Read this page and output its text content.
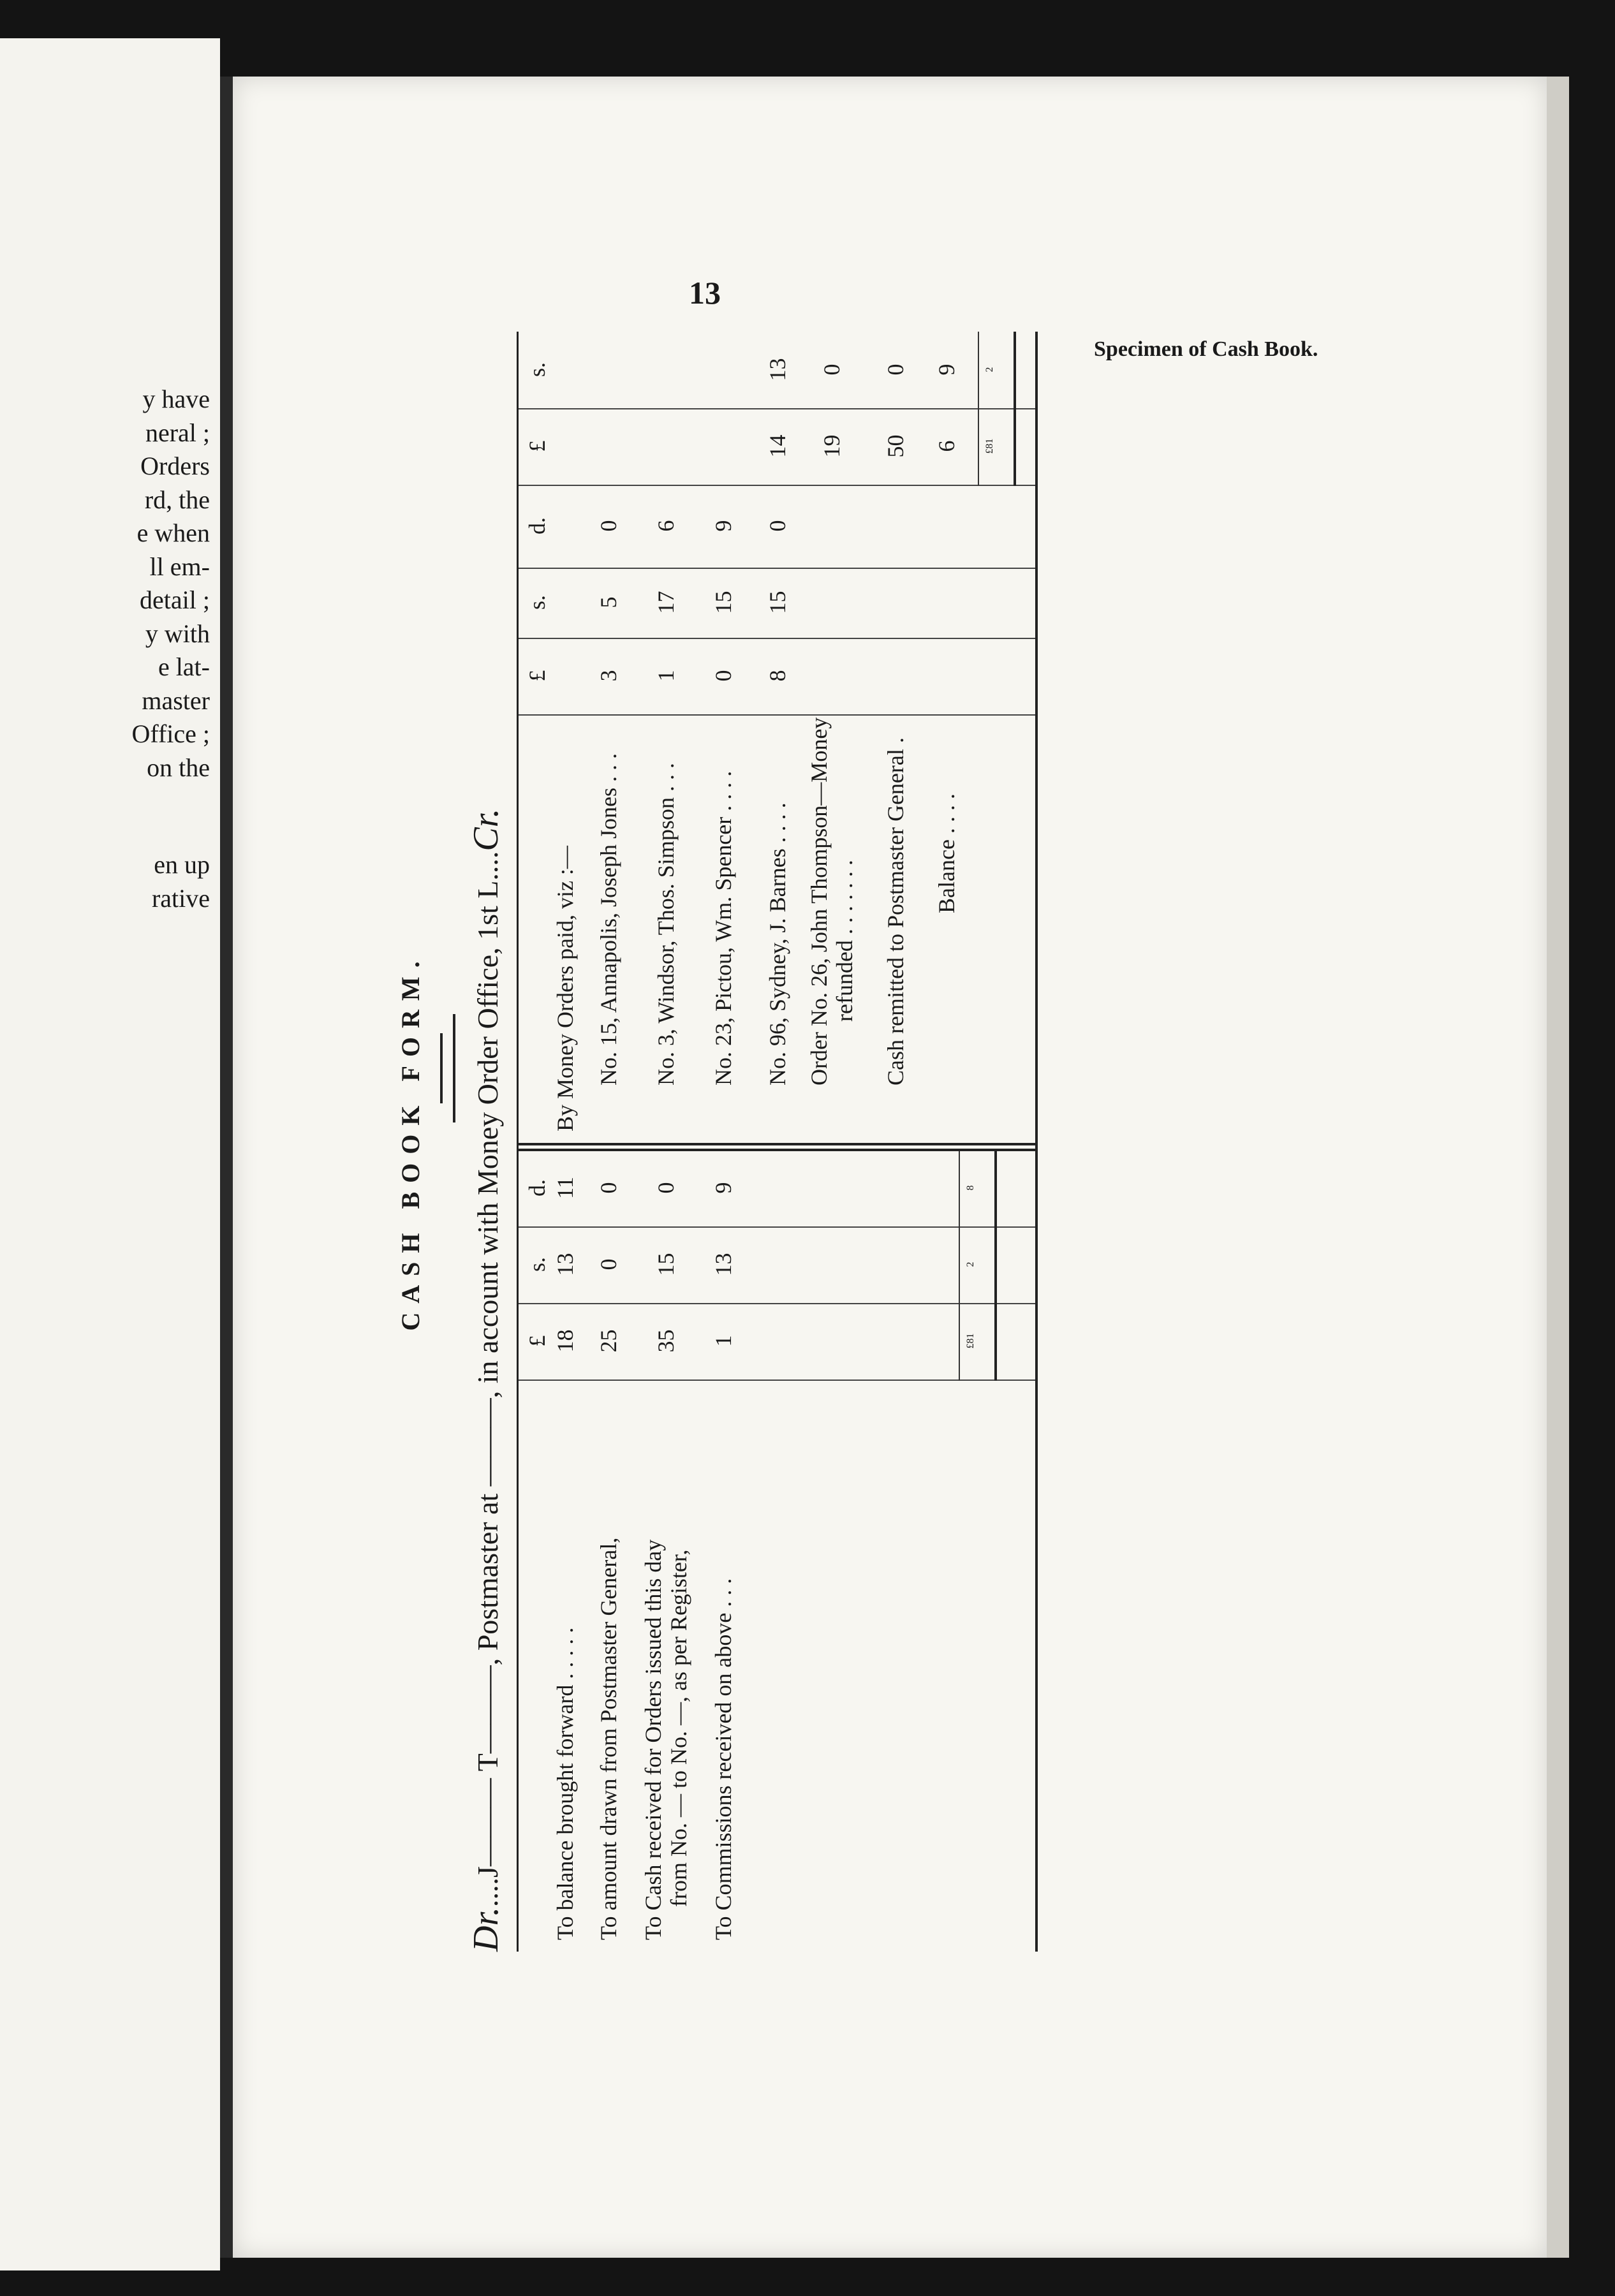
y have
neral ;
Orders
rd, the
e when
ll em-
detail ;
y with
e lat-
master
Office ;
on the
en up
rative
13
Specimen of Cash Book.
CASH BOOK FORM.
Dr.....J——— T———, Postmaster at ———, in account with Money Order Office, 1st L....Cr.
£
s.
d.
To balance brought forward . . . . .
18
13
11
To amount drawn from Postmaster General,
25
0
0
To Cash received for Orders issued this day from No. — to No. —, as per Register,
35
15
0
To Commissions received on above . . .
1
13
9
£81
2
8
£
s.
d.
£
s.
By Money Orders paid, viz :— No. 15, Annapolis, Joseph Jones . . .
3
5
0
No. 3, Windsor, Thos. Simpson . . .
1
17
6
No. 23, Pictou, Wm. Spencer . . . .
0
15
9
No. 96, Sydney, J. Barnes . . . .
8
15
0
14
13
Order No. 26, John Thompson—Money refunded . . . . . . .
19
0
Cash remitted to Postmaster General .
50
0
Balance . . . .
6
9
£81
2
